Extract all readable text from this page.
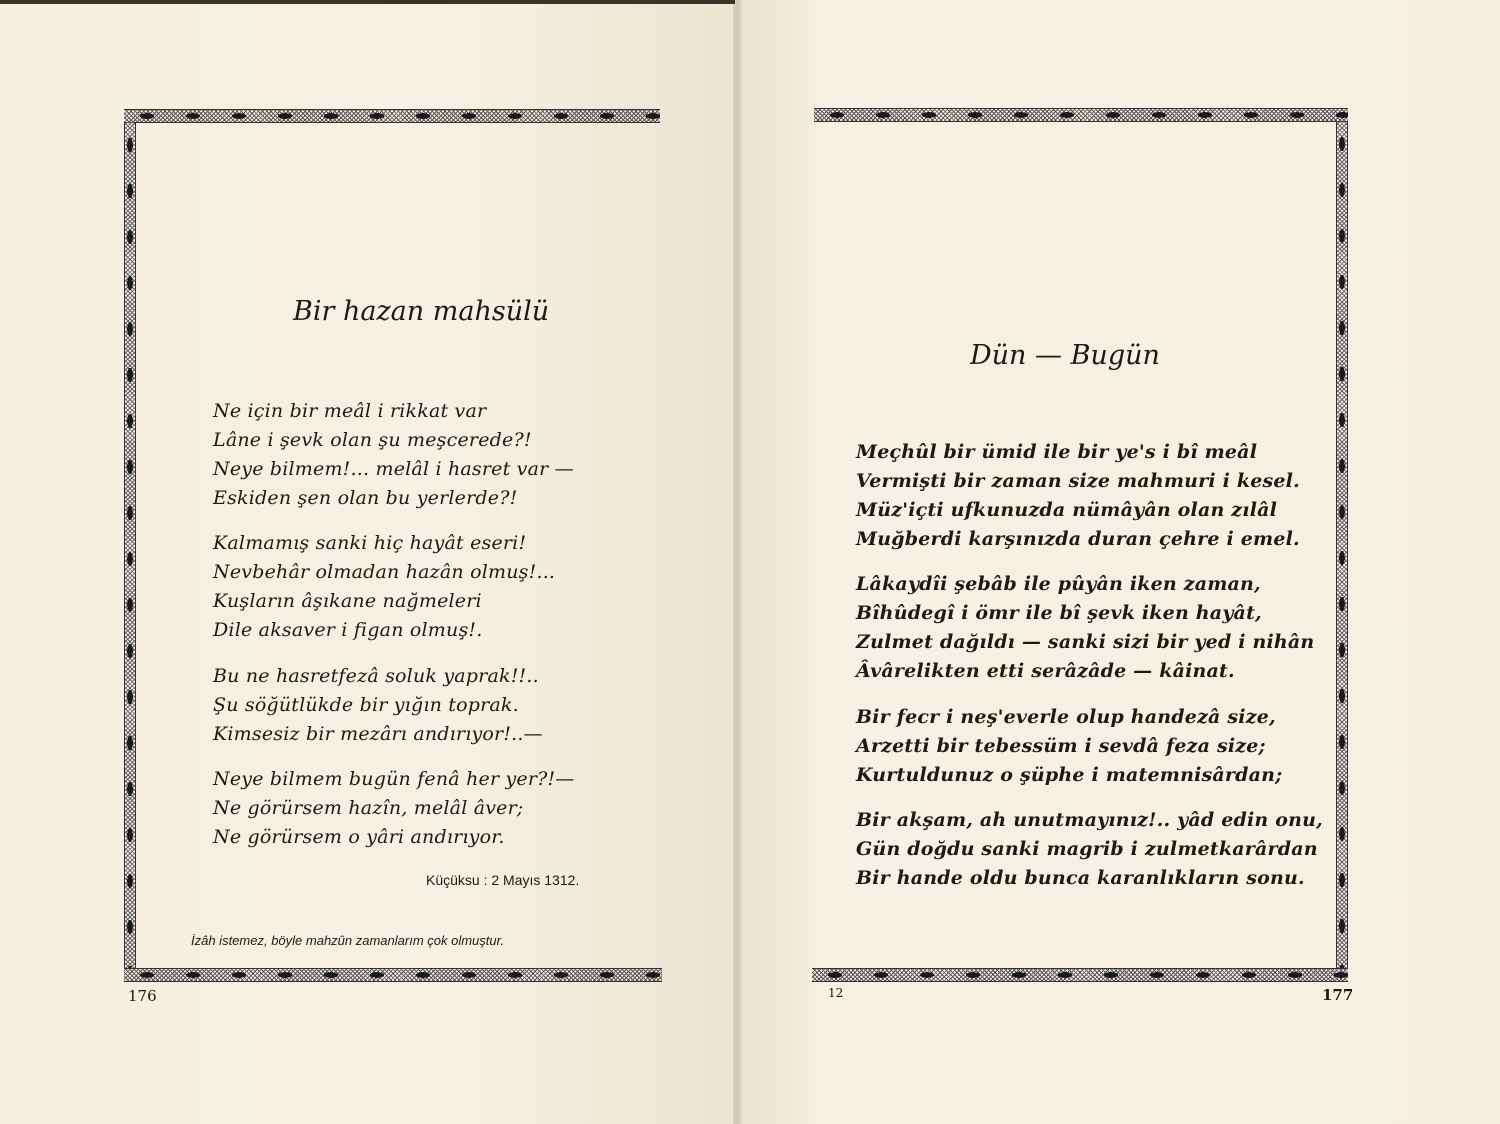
Bir hazan mahsülü
Ne için bir meâl i rikkat var
Lâne i şevk olan şu meşcerede?!
Neye bilmem!... melâl i hasret var —
Eskiden şen olan bu yerlerde?!
Kalmamış sanki hiç hayât eseri!
Nevbehâr olmadan hazân olmuş!...
Kuşların âşıkane nağmeleri
Dile aksaver i figan olmuş!.
Bu ne hasretfezâ soluk yaprak!!..
Şu söğütlükde bir yığın toprak.
Kimsesiz bir mezârı andırıyor!..—
Neye bilmem bugün fenâ her yer?!—
Ne görürsem hazîn, melâl âver;
Ne görürsem o yâri andırıyor.
Küçüksu : 2 Mayıs 1312.
İzâh istemez, böyle mahzûn zamanlarım çok olmuştur.
176
Dün — Bugün
Meçhûl bir ümid ile bir ye's i bî meâl
Vermişti bir zaman size mahmuri i kesel.
Müz'içti ufkunuzda nümâyân olan zılâl
Muğberdi karşınızda duran çehre i emel.
Lâkaydîi şebâb ile pûyân iken zaman,
Bîhûdegî i ömr ile bî şevk iken hayât,
Zulmet dağıldı — sanki sizi bir yed i nihân
Âvârelikten etti serâzâde — kâinat.
Bir fecr i neş'everle olup handezâ size,
Arzetti bir tebessüm i sevdâ feza size;
Kurtuldunuz o şüphe i matemnisârdan;
Bir akşam, ah unutmayınız!.. yâd edin onu,
Gün doğdu sanki magrib i zulmetkarârdan
Bir hande oldu bunca karanlıkların sonu.
12	177
